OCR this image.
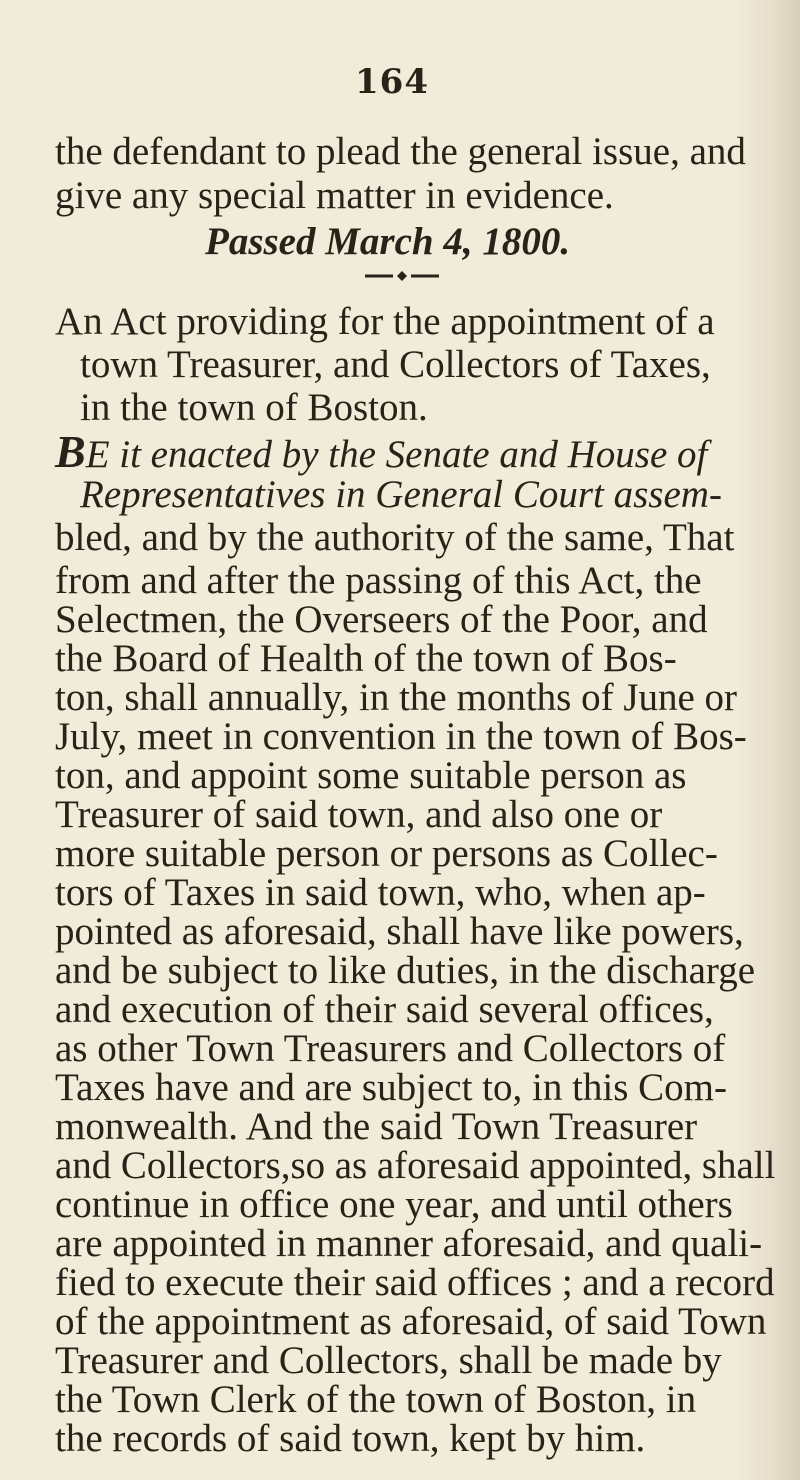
164
the defendant to plead the general issue, and
give any special matter in evidence.
Passed March 4, 1800.
An Act providing for the appointment of a
town Treasurer, and Collectors of Taxes,
in the town of Boston.
BE it enacted by the Senate and House of
Representatives in General Court assem-
bled, and by the authority of the same, That
from and after the passing of this Act, the
Selectmen, the Overseers of the Poor, and
the Board of Health of the town of Bos-
ton, shall annually, in the months of June or
July, meet in convention in the town of Bos-
ton, and appoint some suitable person as
Treasurer of said town, and also one or
more suitable person or persons as Collec-
tors of Taxes in said town, who, when ap-
pointed as aforesaid, shall have like powers,
and be subject to like duties, in the discharge
and execution of their said several offices,
as other Town Treasurers and Collectors of
Taxes have and are subject to, in this Com-
monwealth. And the said Town Treasurer
and Collectors,so as aforesaid appointed, shall
continue in office one year, and until others
are appointed in manner aforesaid, and quali-
fied to execute their said offices ; and a record
of the appointment as aforesaid, of said Town
Treasurer and Collectors, shall be made by
the Town Clerk of the town of Boston, in
the records of said town, kept by him.
